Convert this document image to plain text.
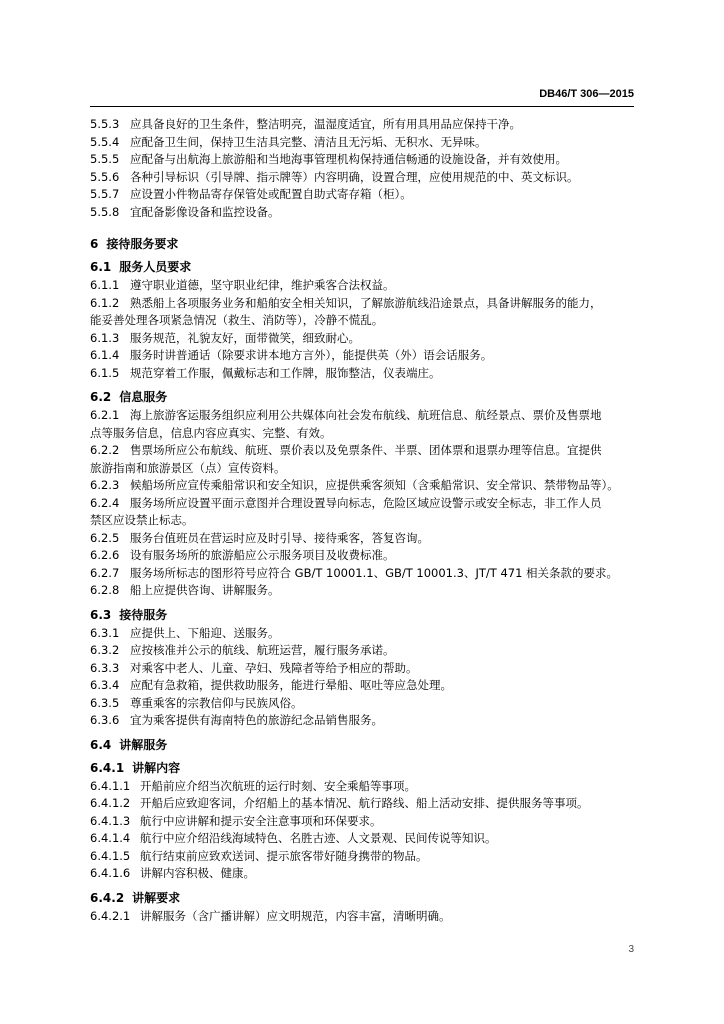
DB46/T 306—2015
5.5.3 应具备良好的卫生条件，整洁明亮，温湿度适宜，所有用具用品应保持干净。
5.5.4 应配备卫生间，保持卫生洁具完整、清洁且无污垢、无积水、无异味。
5.5.5 应配备与出航海上旅游船和当地海事管理机构保持通信畅通的设施设备，并有效使用。
5.5.6 各种引导标识（引导牌、指示牌等）内容明确，设置合理，应使用规范的中、英文标识。
5.5.7 应设置小件物品寄存保管处或配置自助式寄存箱（柜）。
5.5.8 宜配备影像设备和监控设备。
6 接待服务要求
6.1 服务人员要求
6.1.1 遵守职业道德，坚守职业纪律，维护乘客合法权益。
6.1.2 熟悉船上各项服务业务和船舶安全相关知识，了解旅游航线沿途景点，具备讲解服务的能力，
能妥善处理各项紧急情况（救生、消防等），冷静不慌乱。
6.1.3 服务规范，礼貌友好，面带微笑，细致耐心。
6.1.4 服务时讲普通话（除要求讲本地方言外），能提供英（外）语会话服务。
6.1.5 规范穿着工作服，佩戴标志和工作牌，服饰整洁，仪表端庄。
6.2 信息服务
6.2.1 海上旅游客运服务组织应利用公共媒体向社会发布航线、航班信息、航经景点、票价及售票地
点等服务信息，信息内容应真实、完整、有效。
6.2.2 售票场所应公布航线、航班、票价表以及免票条件、半票、团体票和退票办理等信息。宜提供
旅游指南和旅游景区（点）宣传资料。
6.2.3 候船场所应宣传乘船常识和安全知识，应提供乘客须知（含乘船常识、安全常识、禁带物品等）。
6.2.4 服务场所应设置平面示意图并合理设置导向标志，危险区域应设警示或安全标志，非工作人员
禁区应设禁止标志。
6.2.5 服务台值班员在营运时应及时引导、接待乘客，答复咨询。
6.2.6 设有服务场所的旅游船应公示服务项目及收费标准。
6.2.7 服务场所标志的图形符号应符合 GB/T 10001.1、GB/T 10001.3、JT/T 471 相关条款的要求。
6.2.8 船上应提供咨询、讲解服务。
6.3 接待服务
6.3.1 应提供上、下船迎、送服务。
6.3.2 应按核准并公示的航线、航班运营，履行服务承诺。
6.3.3 对乘客中老人、儿童、孕妇、残障者等给予相应的帮助。
6.3.4 应配有急救箱，提供救助服务，能进行晕船、呕吐等应急处理。
6.3.5 尊重乘客的宗教信仰与民族风俗。
6.3.6 宜为乘客提供有海南特色的旅游纪念品销售服务。
6.4 讲解服务
6.4.1 讲解内容
6.4.1.1 开船前应介绍当次航班的运行时刻、安全乘船等事项。
6.4.1.2 开船后应致迎客词，介绍船上的基本情况、航行路线、船上活动安排、提供服务等事项。
6.4.1.3 航行中应讲解和提示安全注意事项和环保要求。
6.4.1.4 航行中应介绍沿线海域特色、名胜古迹、人文景观、民间传说等知识。
6.4.1.5 航行结束前应致欢送词、提示旅客带好随身携带的物品。
6.4.1.6 讲解内容积极、健康。
6.4.2 讲解要求
6.4.2.1 讲解服务（含广播讲解）应文明规范，内容丰富，清晰明确。
3
